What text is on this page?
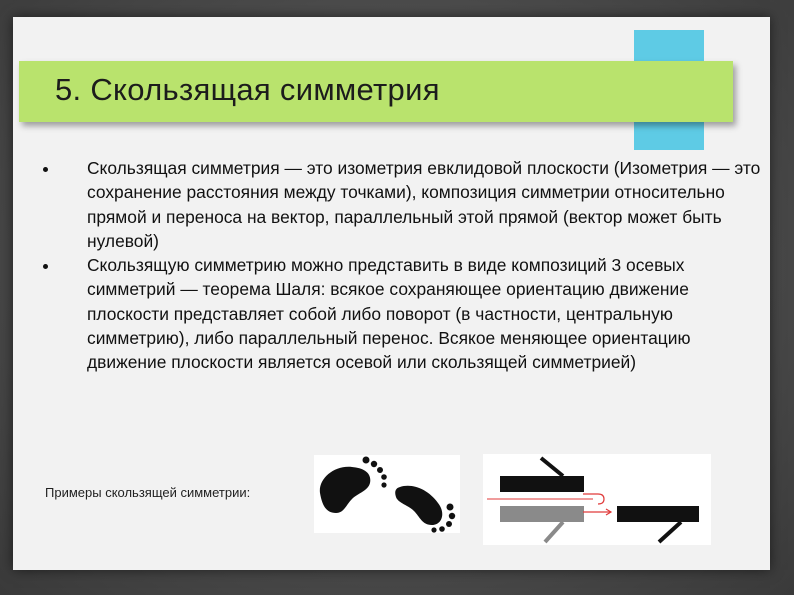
5. Скользящая симметрия
Скользящая симметрия — это изометрия евклидовой плоскости (Изометрия — это сохранение расстояния между точками), композиция симметрии относительно прямой и переноса на вектор, параллельный этой прямой (вектор может быть нулевой)
Скользящую симметрию можно представить в виде композиций 3 осевых симметрий — теорема Шаля: всякое сохраняющее ориентацию движение плоскости представляет собой либо поворот (в частности, центральную симметрию), либо параллельный перенос. Всякое меняющее ориентацию движение плоскости является осевой или скользящей симметрией)
Примеры скользящей симметрии:
